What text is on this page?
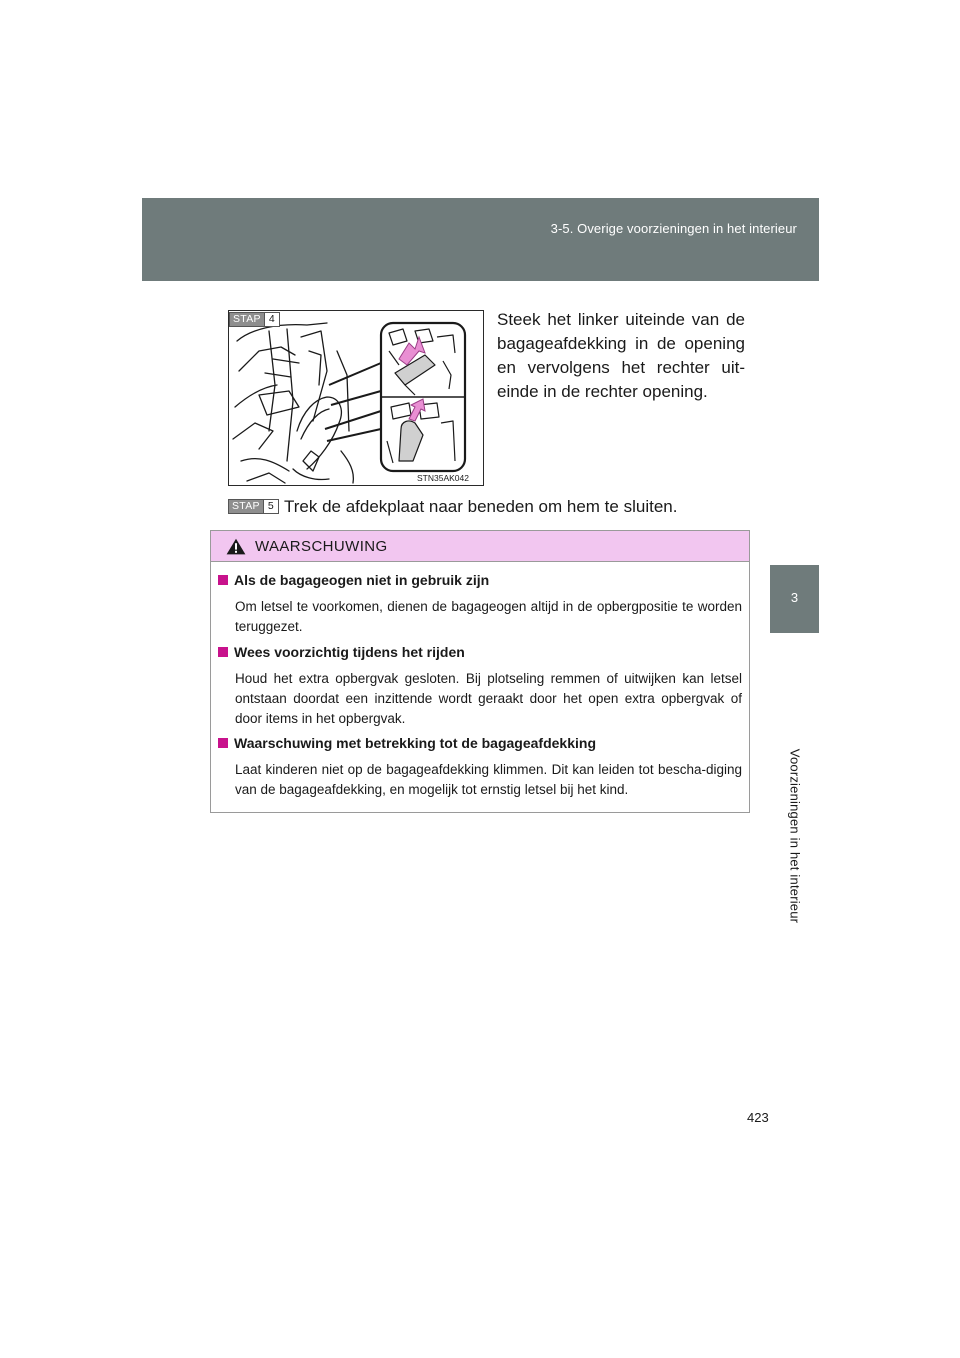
3-5. Overige voorzieningen in het interieur
3
Voorzieningen in het interieur
STN35AK042
STAP 4	Steek het linker uiteinde van de bagageafdekking in de opening en vervolgens het rechter uit-einde in de rechter opening.
STAP 5 Trek de afdekplaat naar beneden om hem te sluiten.
WAARSCHUWING
Als de bagageogen niet in gebruik zijn
Om letsel te voorkomen, dienen de bagageogen altijd in de opbergpositie te worden teruggezet.
Wees voorzichtig tijdens het rijden
Houd het extra opbergvak gesloten. Bij plotseling remmen of uitwijken kan letsel ontstaan doordat een inzittende wordt geraakt door het open extra opbergvak of door items in het opbergvak.
Waarschuwing met betrekking tot de bagageafdekking
Laat kinderen niet op de bagageafdekking klimmen. Dit kan leiden tot bescha-diging van de bagageafdekking, en mogelijk tot ernstig letsel bij het kind.
423
